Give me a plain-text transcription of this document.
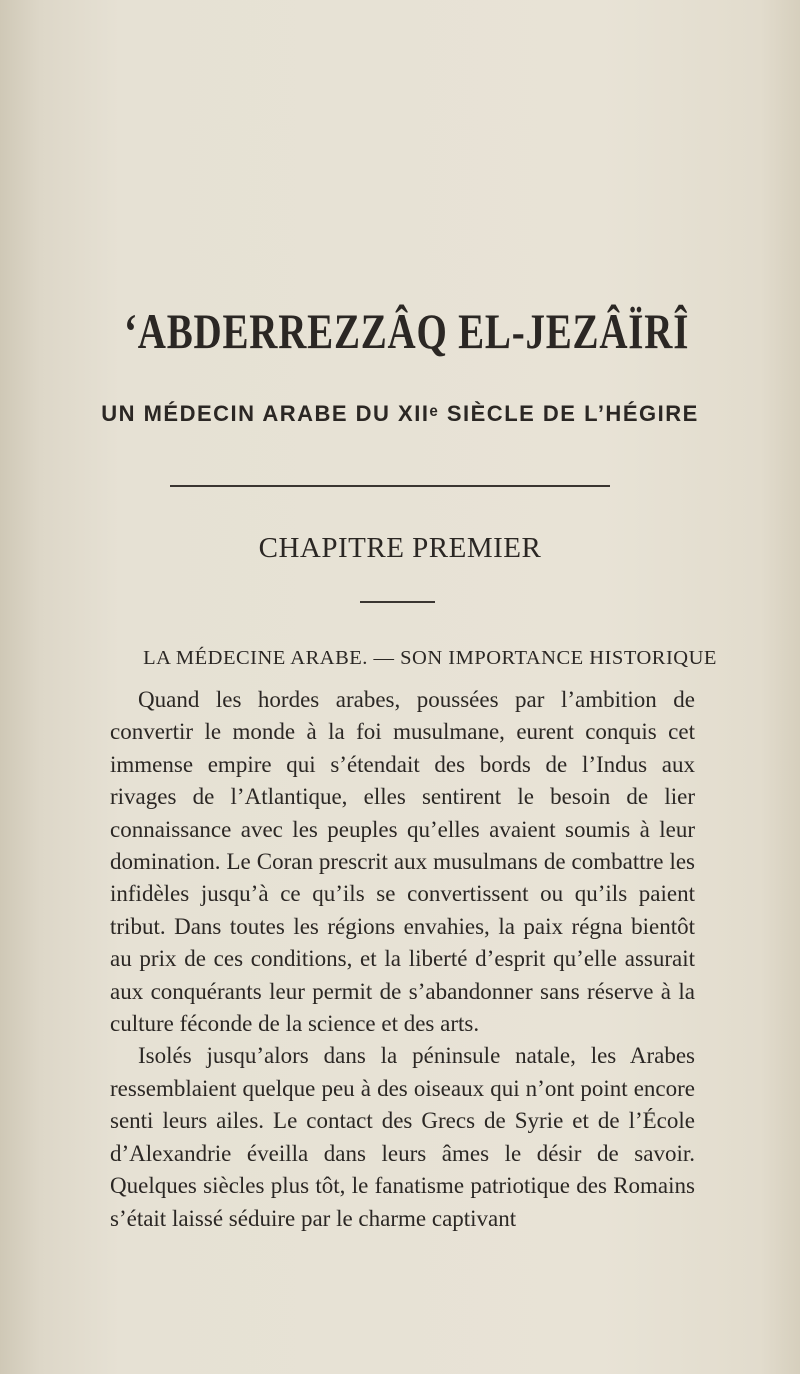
‘ABDERREZZÂQ EL-JEZÂÏRÎ
UN MÉDECIN ARABE DU XIIᵉ SIÈCLE DE L’HÉGIRE
CHAPITRE PREMIER
LA MÉDECINE ARABE. — SON IMPORTANCE HISTORIQUE

Quand les hordes arabes, poussées par l’ambition de convertir le monde à la foi musulmane, eurent conquis cet immense empire qui s’étendait des bords de l’Indus aux rivages de l’Atlantique, elles sentirent le besoin de lier connaissance avec les peuples qu’elles avaient soumis à leur domination. Le Coran prescrit aux musulmans de combattre les infidèles jusqu’à ce qu’ils se convertissent ou qu’ils paient tribut. Dans toutes les régions envahies, la paix régna bientôt au prix de ces conditions, et la liberté d’esprit qu’elle assurait aux conquérants leur permit de s’abandonner sans réserve à la culture féconde de la science et des arts.

Isolés jusqu’alors dans la péninsule natale, les Arabes ressemblaient quelque peu à des oiseaux qui n’ont point encore senti leurs ailes. Le contact des Grecs de Syrie et de l’École d’Alexandrie éveilla dans leurs âmes le désir de savoir. Quelques siècles plus tôt, le fanatisme patriotique des Romains s’était laissé séduire par le charme captivant
